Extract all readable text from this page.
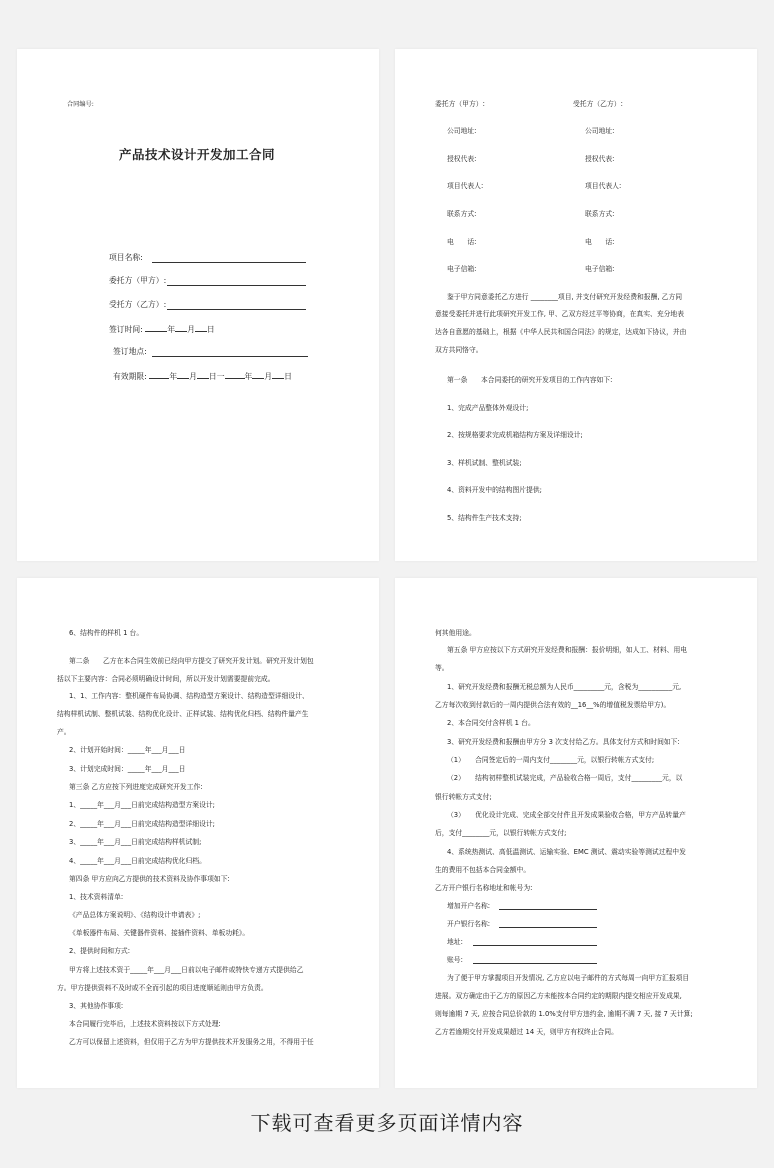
合同编号:
产品技术设计开发加工合同
项目名称:
委托方（甲方）:
受托方（乙方）:
签订时间:	年 月 日
签订地点:
有效期限:	年 月 日一	年 月 日
委托方（甲方）:	受托方（乙方）:
公司地址:	公司地址:
授权代表:	授权代表:
项目代表人:	项目代表人:
联系方式:	联系方式:
电　　话:	电　　话:
电子信箱:	电子信箱:
鉴于甲方同意委托乙方进行 ________项目, 并支付研究开发经费和报酬, 乙方同
意接受委托并进行此项研究开发工作, 甲、乙双方经过平等协商，在真实、充分地表
达各自意愿的基础上，根据《中华人民共和国合同法》的规定，达成如下协议，并由
双方共同恪守。
第一条　　本合同委托的研究开发项目的工作内容如下:
1、完成产品整体外观设计;
2、按规格要求完成机箱结构方案及详细设计;
3、样机试制、整机试装;
4、资料开发中的结构图片提供;
5、结构件生产技术支持;
6、结构件的样机 1 台。
第二条　　乙方在本合同生效前已经向甲方提交了研究开发计划。研究开发计划包
括以下主要内容：合同必须明确设计时间，所以开发计划需要提前完成。
1、1、工作内容：整机硬件布局协调、结构造型方案设计、结构造型详细设计、
结构样机试制、整机试装、结构优化设计、正样试装、结构优化归档、结构件量产生
产。
2、计划开始时间：_____年___月___日
3、计划完成时间：_____年___月___日
第三条 乙方应按下列进度完成研究开发工作:
1、_____年___月___日前完成结构造型方案设计;
2、_____年___月___日前完成结构造型详细设计;
3、_____年___月___日前完成结构样机试制;
4、_____年___月___日前完成结构优化归档。
第四条 甲方应向乙方提供的技术资料及协作事项如下:
1、技术资料清单:
《产品总体方案说明》、《结构设计申请表》;
《单板器件布局、关键器件资料、接插件资料、单板功耗》。
2、提供时间和方式:
甲方将上述技术资于_____年___月___日前以电子邮件或特快专递方式提供给乙
方。甲方提供资料不及时或不全而引起的项目进度顺延则由甲方负责。
3、其他协作事项:
本合同履行完毕后，上述技术资料按以下方式处理:
乙方可以保留上述资料，但仅用于乙方为甲方提供技术开发服务之用，不得用于任
何其他用途。
第五条 甲方应按以下方式研究开发经费和报酬：报价明细，如人工、材料、用电
等。
1、研究开发经费和报酬无税总额为人民币_________元，含税为__________元,
乙方每次收到付款后的一周内提供合法有效的__16__%的增值税发票给甲方)。
2、本合同交付含样机 1 台。
3、研究开发经费和报酬由甲方分 3 次支付给乙方。具体支付方式和时间如下:
（1）　　合同签定后的一周内支付________元，以银行转帐方式支付;
（2）　　结构初样整机试装完成，产品验收合格一周后，支付_________元，以
银行转帐方式支付;
（3）　　优化设计完成、完成全部交付件且开发成果验收合格，甲方产品转量产
后，支付________元，以银行转帐方式支付;
4、系统热测试、高低温测试、运输实验、EMC 测试、震动实验等测试过程中发
生的费用不包括本合同金额中。
乙方开户银行名称地址和帐号为:
增加开户名称:
开户银行名称:
地址:
账号:
为了便于甲方掌握项目开发情况, 乙方应以电子邮件的方式每周一向甲方汇报项目
进展。双方确定由于乙方的原因乙方未能按本合同约定的期限内提交相应开发成果,
则每逾期 7 天, 应按合同总价款的 1.0%支付甲方违约金, 逾期不满 7 天, 接 7 天计算;
乙方若逾期交付开发成果超过 14 天，则甲方有权终止合同。
下载可查看更多页面详情内容
